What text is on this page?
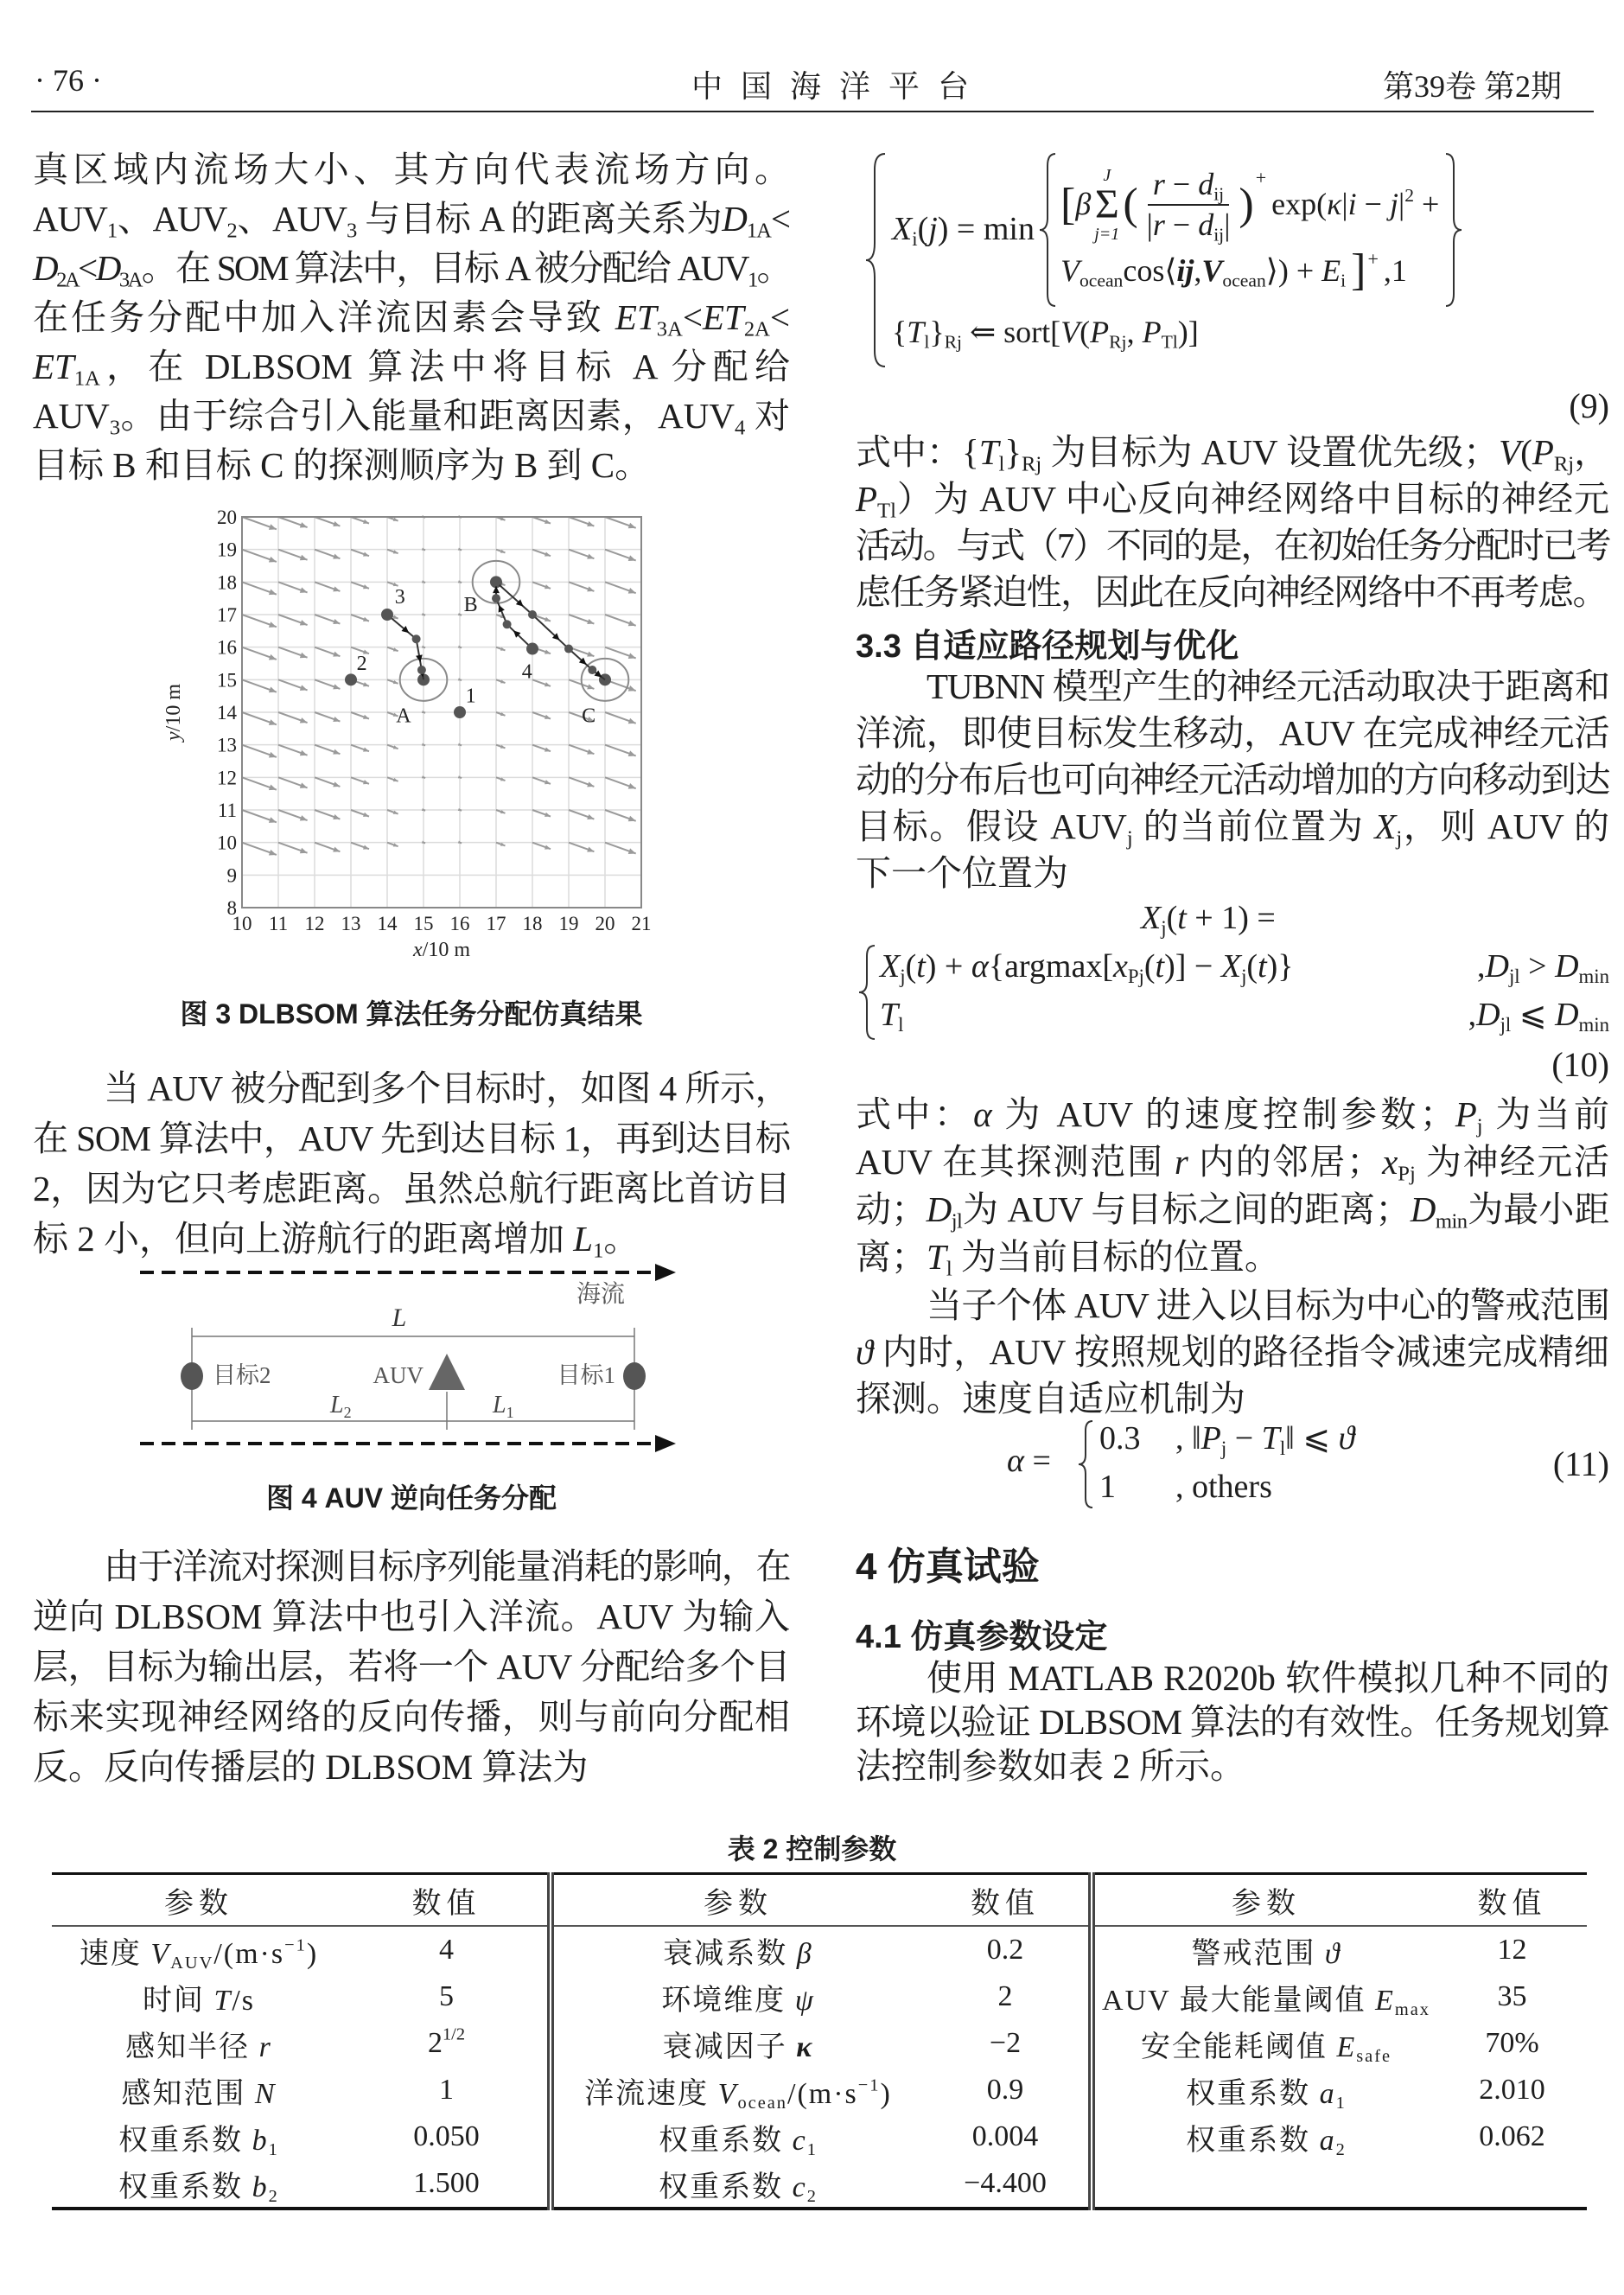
· 76 ·	中 国 海 洋 平 台	第39卷 第2期
真区域内流场大小、其方向代表流场方向。
$AUV_1$、$AUV_2$、$AUV_3$ 与目标 A 的距离关系为$D_{1A}<$
$D_{2A}<D_{3A}$。在 SOM 算法中，目标 A 被分配给 $AUV_1$。
在任务分配中加入洋流因素会导致 $ET_{3A}<ET_{2A}<$
$ET_{1A}$，在 DLBSOM 算法中将目标 A 分配给
$AUV_3$。由于综合引入能量和距离因素，$AUV_4$ 对
目标 B 和目标 C 的探测顺序为 B 到 C。
A
B
C
1
2
3
4
10 11 12 13 14 15 16 17 18 19 20 21
8
9
10
11
12
13
14
15
16
17
18
19
20
x/10 m
y/10 m
图 3 DLBSOM 算法任务分配仿真结果
当 AUV 被分配到多个目标时，如图 4 所示，
在 SOM 算法中，AUV 先到达目标 1，再到达目标
2，因为它只考虑距离。虽然总航行距离比首访目
标 2 小，但向上游航行的距离增加 $L_1$。
海流
L
目标2	AUV	目标1
$L_2$	$L_1$
图 4 AUV 逆向任务分配
由于洋流对探测目标序列能量消耗的影响，在
逆向 DLBSOM 算法中也引入洋流。AUV 为输入
层，目标为输出层，若将一个 AUV 分配给多个目
标来实现神经网络的反向传播，则与前向分配相
反。反向传播层的 DLBSOM 算法为
$X_i(j) = \min$
[ β
J
Σ
j=1
( $\frac{r - d_{ij}}{|r - d_{ij}|}$ )
+
$\exp(\kappa|i - j|^2$ +
$V_{ocean}\cos⟨ij,V_{ocean}⟩) + E_i$ ] + ,1
$\{T_l\}_{Rj}$ ⇐ $sort[V(P_{Rj}$, $P_{Tl}$)]
(9)
式中：$\{T_l\}_{Rj}$ 为目标为 AUV 设置优先级；$V(P_{Rj}$，
$P_{Tl}$）为 AUV 中心反向神经网络中目标的神经元
活动。与式（7）不同的是，在初始任务分配时已考
虑任务紧迫性，因此在反向神经网络中不再考虑。
3.3 自适应路径规划与优化
TUBNN 模型产生的神经元活动取决于距离和
洋流，即使目标发生移动，AUV 在完成神经元活
动的分布后也可向神经元活动增加的方向移动到达
目标。假设 $AUV_j$ 的当前位置为 $X_j$，则 AUV 的
下一个位置为
$X_j(t + 1)$ =
$X_j(t) + \alpha\{argmax[x_{Pj}(t)] - X_j(t)\}$	$,D_{jl} > D_{min}$
$T_l$	$,D_{jl}$ ⩽ $D_{min}$
(10)
式中：α 为 AUV 的速度控制参数；$P_j$ 为当前
AUV 在其探测范围 r 内的邻居；$x_{Pj}$ 为神经元活
动；$D_{jl}$为 AUV 与目标之间的距离；$D_{min}$为最小距
离；$T_l$ 为当前目标的位置。
当子个体 AUV 进入以目标为中心的警戒范围
ϑ 内时，AUV 按照规划的路径指令减速完成精细
探测。速度自适应机制为
α =
0.3 , $‖P_j$ − $T_l‖$ ⩽ ϑ
1 , others
(11)
4 仿真试验
4.1 仿真参数设定
使用 MATLAB R2020b 软件模拟几种不同的
环境以验证 DLBSOM 算法的有效性。任务规划算
法控制参数如表 2 所示。
表 2 控制参数
参数	数值	参数	数值	参数	数值
速度 $V_{AUV}/(m\cdot s^{-1})$	4	衰减系数 β	0.2	警戒范围 ϑ	12
时间 T/s	5	环境维度 ψ	2	AUV 最大能量阈值 $E_{max}$	35
感知半径 r	$2^{1/2}$	衰减因子 κ	−2	安全能耗阈值 $E_{safe}$	70%
感知范围 N	1	洋流速度 $V_{ocean}/(m\cdot s^{-1})$	0.9	权重系数 $a_1$	2.010
权重系数 $b_1$	0.050	权重系数 $c_1$	0.004	权重系数 $a_2$	0.062
权重系数 $b_2$	1.500	权重系数 $c_2$	−4.400		
